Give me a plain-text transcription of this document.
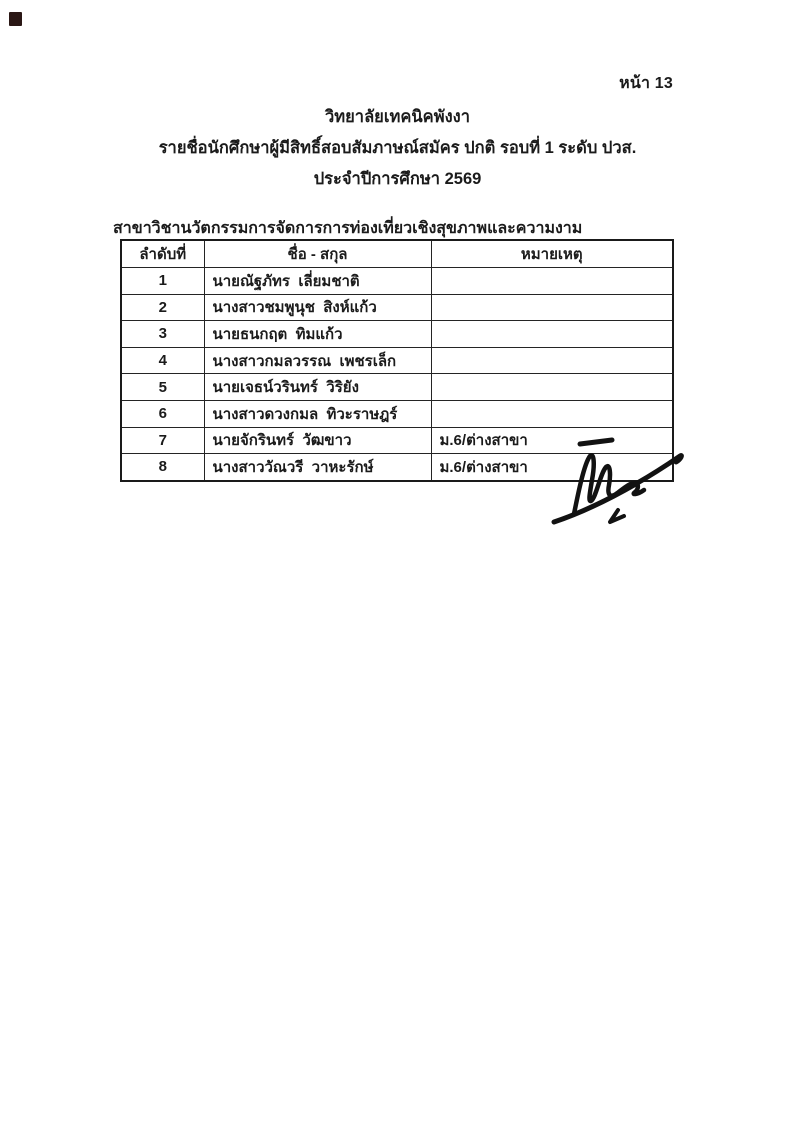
หน้า 13
วิทยาลัยเทคนิคพังงา
รายชื่อนักศึกษาผู้มีสิทธิ์สอบสัมภาษณ์สมัคร ปกติ รอบที่ 1 ระดับ ปวส.
ประจำปีการศึกษา 2569
สาขาวิชานวัตกรรมการจัดการการท่องเที่ยวเชิงสุขภาพและความงาม
ลำดับที่	ชื่อ - สกุล	หมายเหตุ
1	นายณัฐภัทร  เลี่ยมชาติ	
2	นางสาวชมพูนุช  สิงห์แก้ว	
3	นายธนกฤต  ทิมแก้ว	
4	นางสาวกมลวรรณ  เพชรเล็ก	
5	นายเจธน์วรินทร์  วิริยัง	
6	นางสาวดวงกมล  ทิวะราษฎร์	
7	นายจักรินทร์  วัฒขาว	ม.6/ต่างสาขา
8	นางสาววัณวรี  วาหะรักษ์	ม.6/ต่างสาขา
